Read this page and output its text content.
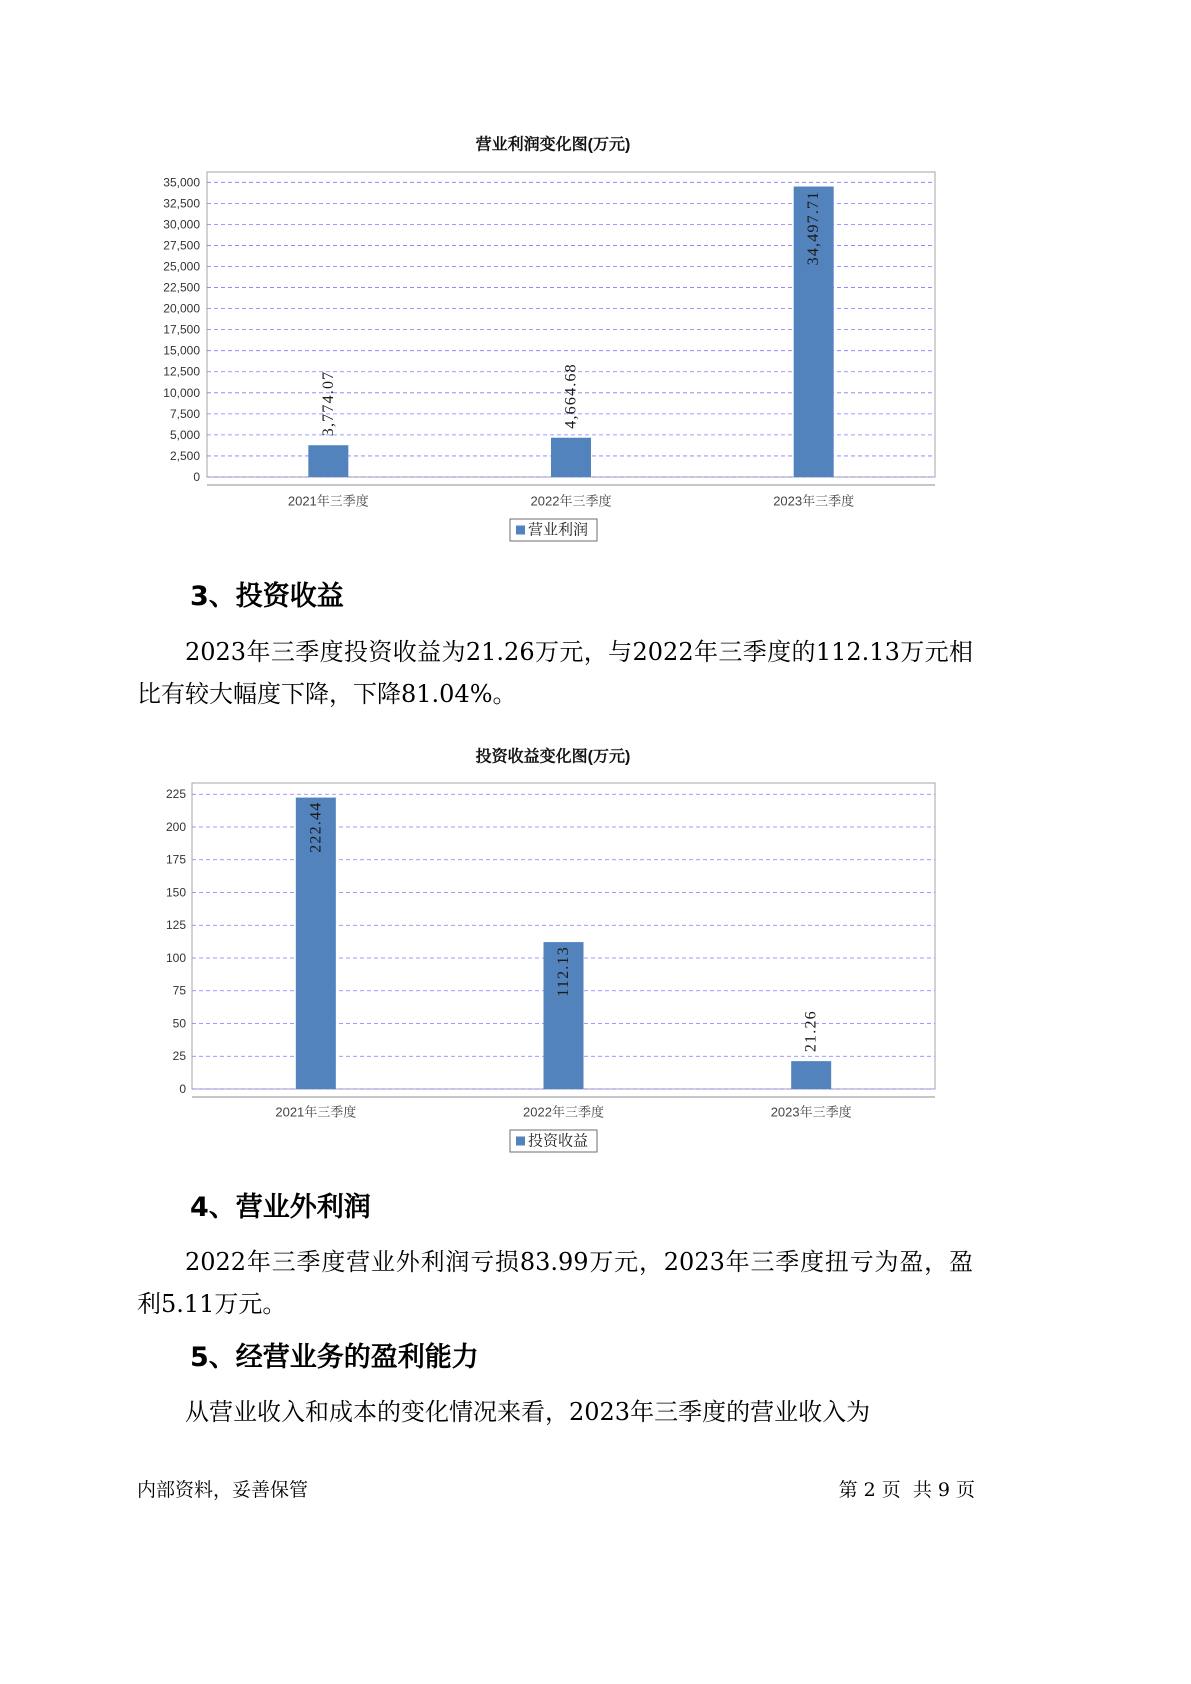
营业利润变化图(万元)
0
2,500
5,000
7,500
10,000
12,500
15,000
17,500
20,000
22,500
25,000
27,500
30,000
32,500
35,000
3,774.07
2021年三季度
4,664.68
2022年三季度
34,497.71
2023年三季度
营业利润
3、投资收益

2023年三季度投资收益为21.26万元，与2022年三季度的112.13万元相比有较大幅度下降，下降81.04%。

投资收益变化图(万元)
0
25
50
75
100
125
150
175
200
225
222.44
2021年三季度
112.13
2022年三季度
21.26
2023年三季度
投资收益
4、营业外利润

2022年三季度营业外利润亏损83.99万元，2023年三季度扭亏为盈，盈利5.11万元。

5、经营业务的盈利能力

从营业收入和成本的变化情况来看，2023年三季度的营业收入为

内部资料，妥善保管	第 2 页  共 9 页
